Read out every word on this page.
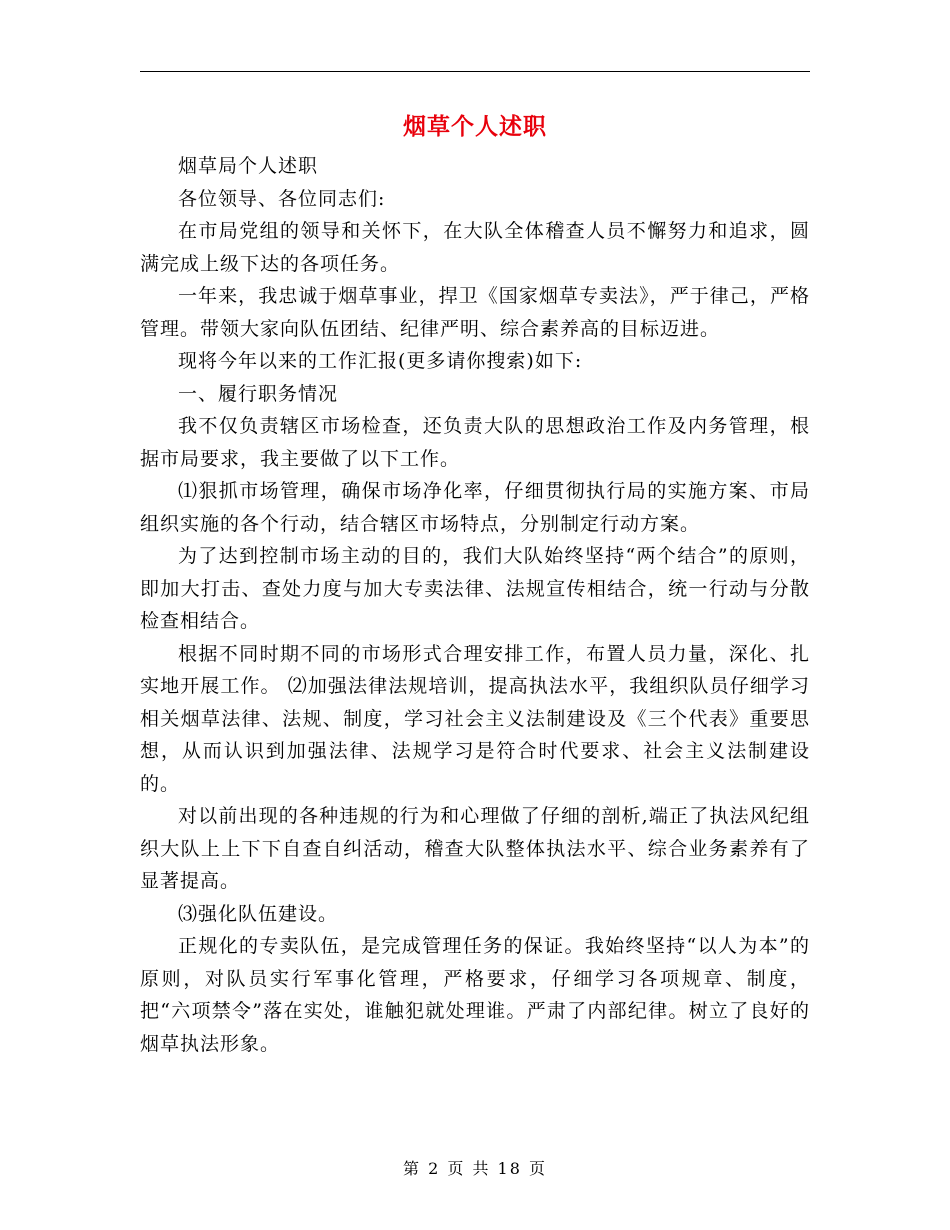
烟草个人述职

烟草局个人述职

各位领导、各位同志们:

在市局党组的领导和关怀下，在大队全体稽查人员不懈努力和追求，圆满完成上级下达的各项任务。

一年来，我忠诚于烟草事业，捍卫《国家烟草专卖法》，严于律己，严格管理。带领大家向队伍团结、纪律严明、综合素养高的目标迈进。

现将今年以来的工作汇报(更多请你搜索)如下:

一、履行职务情况

我不仅负责辖区市场检查，还负责大队的思想政治工作及内务管理，根据市局要求，我主要做了以下工作。

⑴狠抓市场管理，确保市场净化率，仔细贯彻执行局的实施方案、市局组织实施的各个行动，结合辖区市场特点，分别制定行动方案。

为了达到控制市场主动的目的，我们大队始终坚持“两个结合”的原则，即加大打击、查处力度与加大专卖法律、法规宣传相结合，统一行动与分散检查相结合。

根据不同时期不同的市场形式合理安排工作，布置人员力量，深化、扎实地开展工作。 ⑵加强法律法规培训，提高执法水平，我组织队员仔细学习相关烟草法律、法规、制度，学习社会主义法制建设及《三个代表》重要思想，从而认识到加强法律、法规学习是符合时代要求、社会主义法制建设的。

对以前出现的各种违规的行为和心理做了仔细的剖析,端正了执法风纪组织大队上上下下自查自纠活动，稽查大队整体执法水平、综合业务素养有了显著提高。

⑶强化队伍建设。

正规化的专卖队伍，是完成管理任务的保证。我始终坚持“以人为本”的原则，对队员实行军事化管理，严格要求，仔细学习各项规章、制度，把“六项禁令”落在实处，谁触犯就处理谁。严肃了内部纪律。树立了良好的烟草执法形象。

第 2 页 共 18 页
